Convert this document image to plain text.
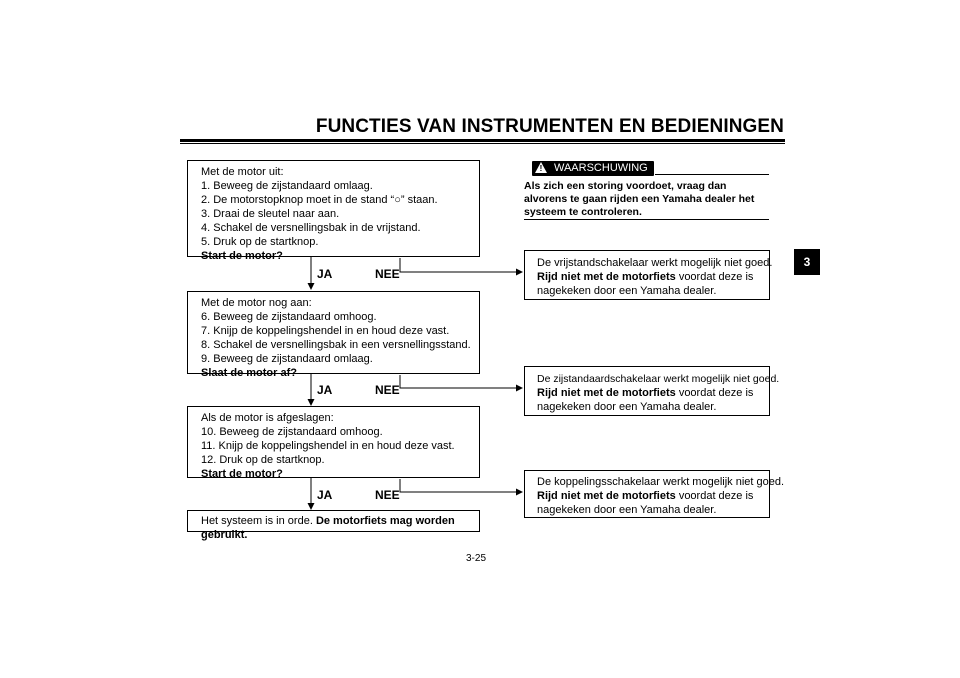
FUNCTIES VAN INSTRUMENTEN EN BEDIENINGEN
3
Met de motor uit:
1. Beweeg de zijstandaard omlaag.
2. De motorstopknop moet in de stand “○” staan.
3. Draai de sleutel naar aan.
4. Schakel de versnellingsbak in de vrijstand.
5. Druk op de startknop.
Start de motor?
JA	NEE
Met de motor nog aan:
6. Beweeg de zijstandaard omhoog.
7. Knijp de koppelingshendel in en houd deze vast.
8. Schakel de versnellingsbak in een versnellingsstand.
9. Beweeg de zijstandaard omlaag.
Slaat de motor af?
JA	NEE
Als de motor is afgeslagen:
10. Beweeg de zijstandaard omhoog.
11. Knijp de koppelingshendel in en houd deze vast.
12. Druk op de startknop.
Start de motor?
JA	NEE
Het systeem is in orde. De motorfiets mag worden gebruikt.
WAARSCHUWING
!
Als zich een storing voordoet, vraag dan alvorens te gaan rijden een Yamaha dealer het systeem te controleren.
De vrijstandschakelaar werkt mogelijk niet goed.
Rijd niet met de motorfiets voordat deze is
nagekeken door een Yamaha dealer.
De zijstandaardschakelaar werkt mogelijk niet goed.
Rijd niet met de motorfiets voordat deze is
nagekeken door een Yamaha dealer.
De koppelingsschakelaar werkt mogelijk niet goed.
Rijd niet met de motorfiets voordat deze is
nagekeken door een Yamaha dealer.
3-25
